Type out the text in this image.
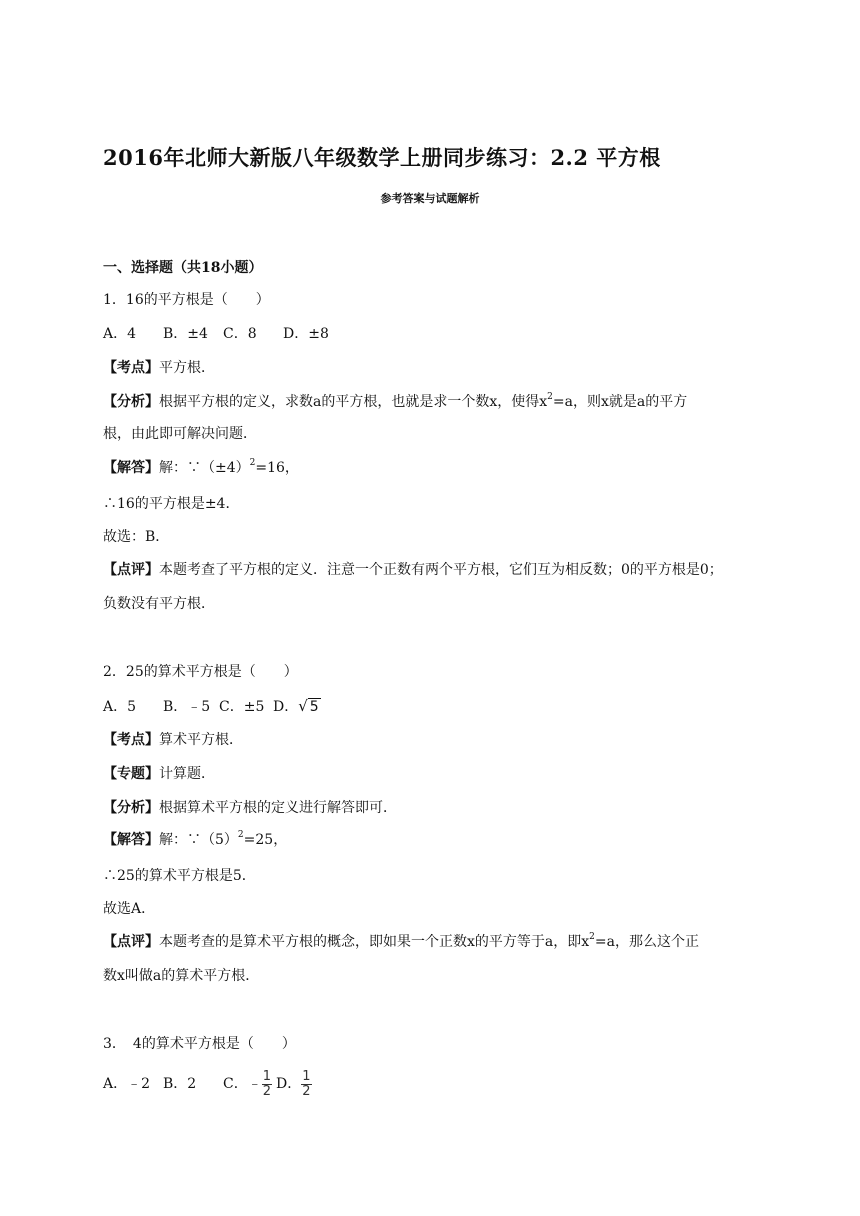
2016年北师大新版八年级数学上册同步练习：2.2 平方根
参考答案与试题解析
一、选择题（共18小题）
1．16的平方根是（　　）
A．4 B．±4 C．8 D．±8
【考点】平方根．
【分析】根据平方根的定义，求数a的平方根，也就是求一个数x，使得$x^2=a$，则x就是a的平方
根，由此即可解决问题．
【解答】解：$\because(\pm 4)^2=16$，
∴16的平方根是±4．
故选：B．
【点评】本题考查了平方根的定义．注意一个正数有两个平方根，它们互为相反数；0的平方根是0；
负数没有平方根．
2．25的算术平方根是（　　）
A．5 B．﹣5 C．±5 D．√ 5
【考点】算术平方根．
【专题】计算题．
【分析】根据算术平方根的定义进行解答即可．
【解答】解：$\because(5)^2=25$，
∴25的算术平方根是5．
故选A．
【点评】本题考查的是算术平方根的概念，即如果一个正数x的平方等于a，即$x^2=a$，那么这个正
数x叫做a的算术平方根．
3．　4的算术平方根是（　　）
A．﹣2 B．2 C．﹣ $\frac{1}{2}$ D． $\frac{1}{2}$
